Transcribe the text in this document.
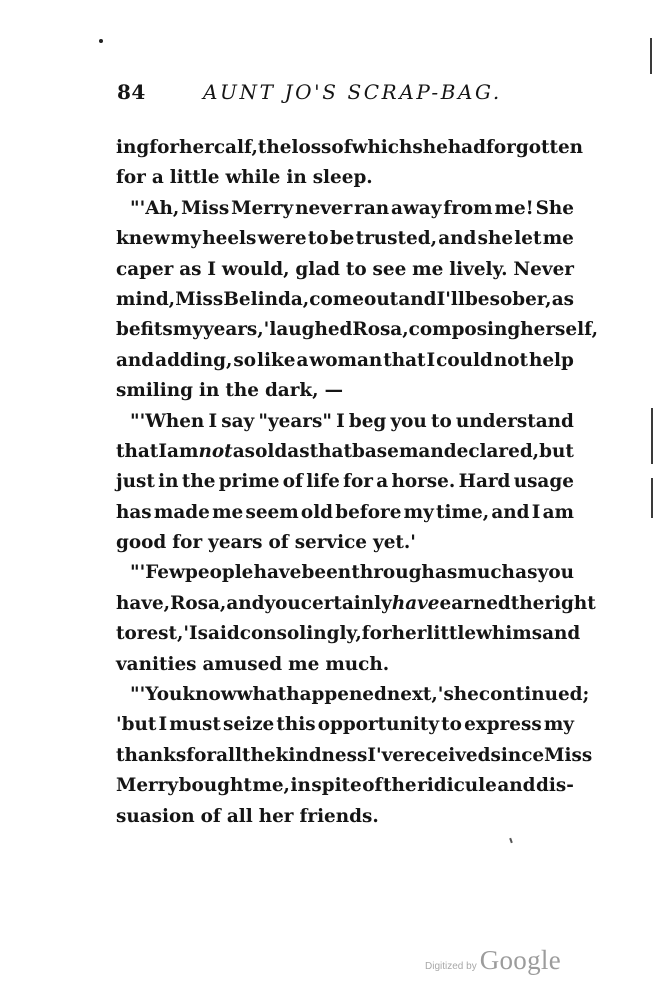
84	AUNT JO'S SCRAP-BAG.
ing for her calf, the loss of which she had forgotten
for a little while in sleep.
"'Ah, Miss Merry never ran away from me! She
knew my heels were to be trusted, and she let me
caper as I would, glad to see me lively. Never
mind, Miss Belinda, come out and I'll be sober, as
befits my years,' laughed Rosa, composing herself,
and adding, so like a woman that I could not help
smiling in the dark, —
"'When I say "years" I beg you to understand
that I am not as old as that base man declared, but
just in the prime of life for a horse. Hard usage
has made me seem old before my time, and I am
good for years of service yet.'
"'Few people have been through as much as you
have, Rosa, and you certainly have earned the right
to rest,' I said consolingly, for her little whims and
vanities amused me much.
"'You know what happened next,' she continued;
'but I must seize this opportunity to express my
thanks for all the kindness I've received since Miss
Merry bought me, in spite of the ridicule and dis-
suasion of all her friends.
Digitized by Google
